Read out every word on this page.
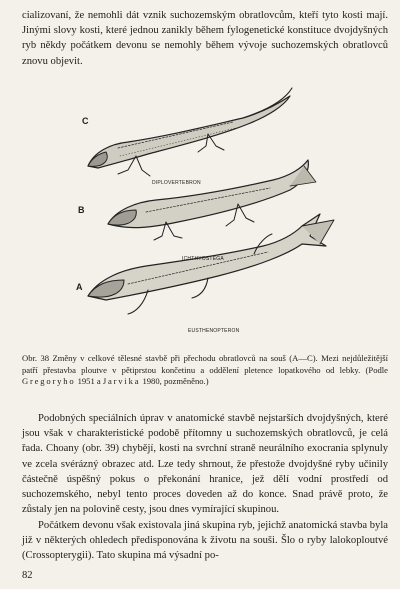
cializovaní, že nemohli dát vznik suchozemským obratlovcům, kteří tyto kosti mají. Jinými slovy kosti, které jednou zanikly během fylogenetické konstituce dvojdyšných ryb někdy počátkem devonu se nemohly během vývoje suchozemských obratlovců znovu objevit.

C
B
A
DIPLOVERTEBRON
ICHTHYOSTEGA
EUSTHENOPTERON

Obr. 38 Změny v celkové tělesné stavbě při přechodu obratlovců na souš (A—C). Mezi nejdůležitější patří přestavba ploutve v pětiprstou končetinu a oddělení pletence lopatkového od lebky. (Podle Gregoryho 1951 a Jarvika 1980, pozměněno.)

Podobných speciálních úprav v anatomické stavbě nejstarších dvojdyšných, které jsou však v charakteristické podobě přítomny u suchozemských obratlovců, je celá řada. Choany (obr. 39) chybějí, kosti na svrchní straně neurálního exocrania splynuly ve zcela svérázný obrazec atd. Lze tedy shrnout, že přestože dvojdyšné ryby učinily částečně úspěšný pokus o překonání hranice, jež dělí vodní prostředí od suchozemského, nebyl tento proces doveden až do konce. Snad právě proto, že zůstaly jen na polovině cesty, jsou dnes vymírající skupinou.

Počátkem devonu však existovala jiná skupina ryb, jejichž anatomická stavba byla již v některých ohledech předisponována k životu na souši. Šlo o ryby lalokoploutvé (Crossopterygii). Tato skupina má výsadní po-

82
